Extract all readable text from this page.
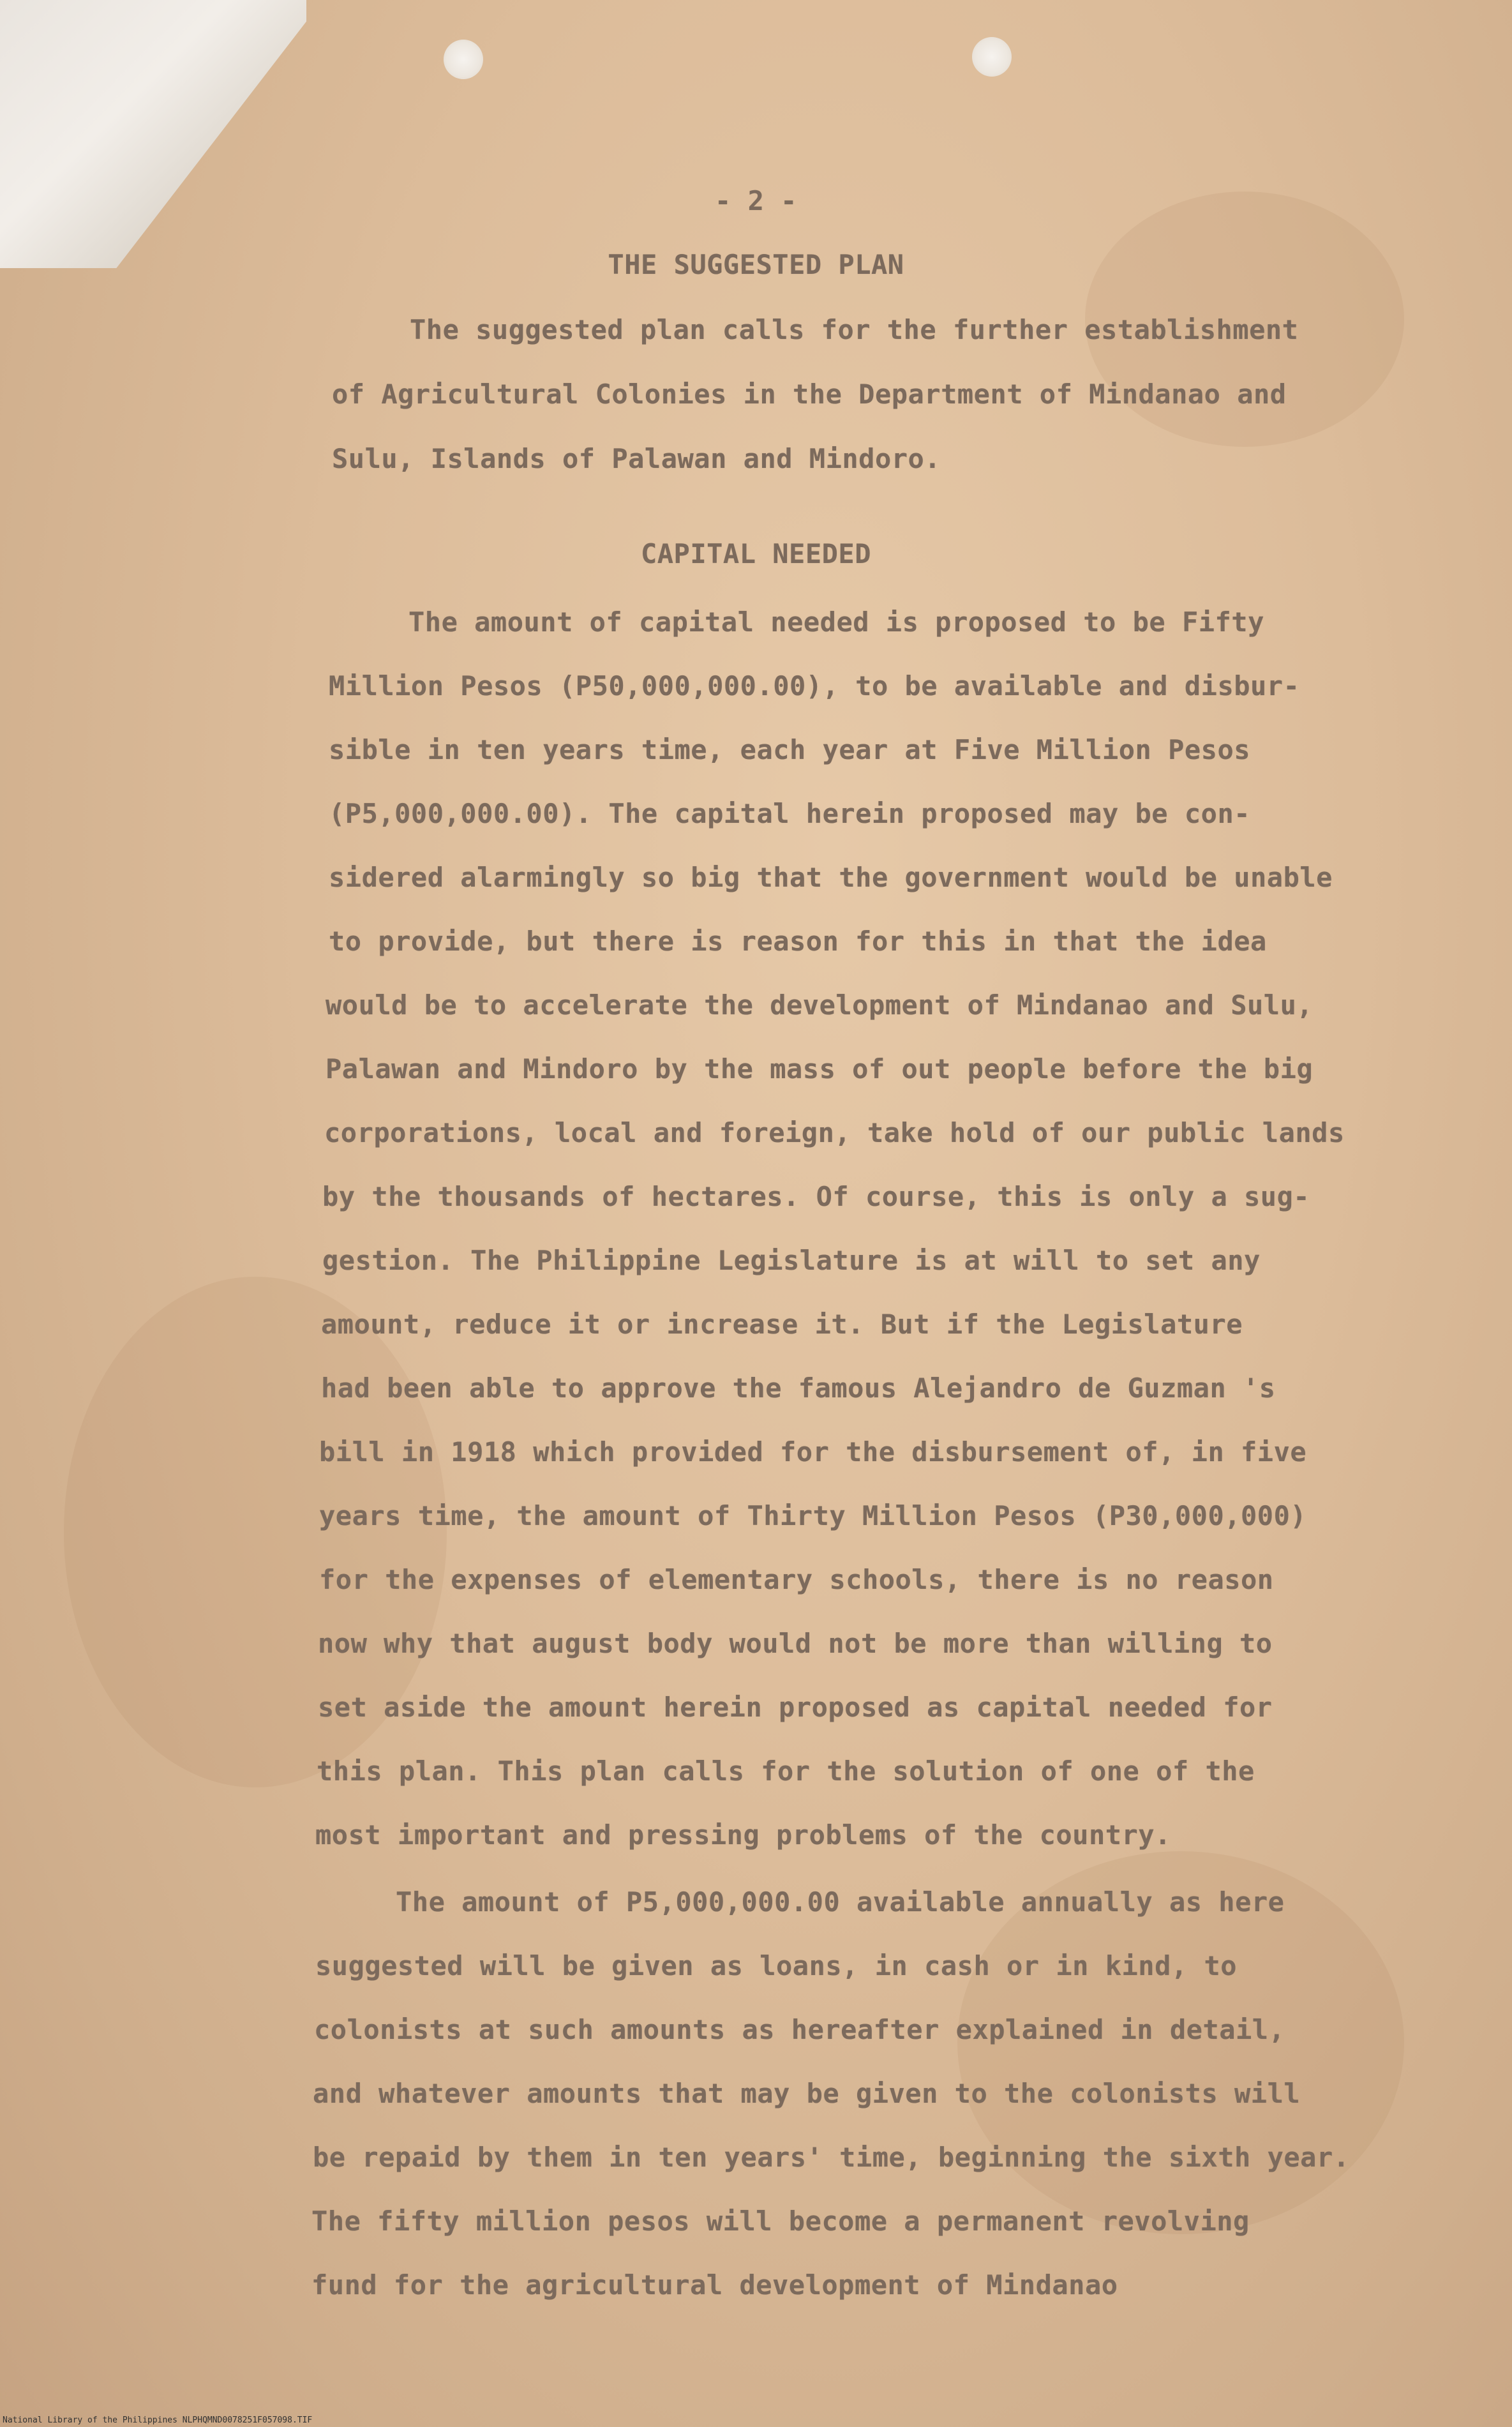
- 2 -
THE SUGGESTED PLAN
The suggested plan calls for the further establishment
of Agricultural Colonies in the Department of Mindanao and
Sulu, Islands of Palawan and Mindoro.
CAPITAL NEEDED
The amount of capital needed is proposed to be Fifty
Million Pesos (P50,000,000.00), to be available and disbur-
sible in ten years time, each year at Five Million Pesos
(P5,000,000.00). The capital herein proposed may be con-
sidered alarmingly so big that the government would be unable
to provide, but there is reason for this in that the idea
would be to accelerate the development of Mindanao and Sulu,
Palawan and Mindoro by the mass of out people before the big
corporations, local and foreign, take hold of our public lands
by the thousands of hectares. Of course, this is only a sug-
gestion. The Philippine Legislature is at will to set any
amount, reduce it or increase it. But if the Legislature
had been able to approve the famous Alejandro de Guzman 's
bill in 1918 which provided for the disbursement of, in five
years time, the amount of Thirty Million Pesos (P30,000,000)
for the expenses of elementary schools, there is no reason
now why that august body would not be more than willing to
set aside the amount herein proposed as capital needed for
this plan. This plan calls for the solution of one of the
most important and pressing problems of the country.
The amount of P5,000,000.00 available annually as here
suggested will be given as loans, in cash or in kind, to
colonists at such amounts as hereafter explained in detail,
and whatever amounts that may be given to the colonists will
be repaid by them in ten years' time, beginning the sixth year.
The fifty million pesos will become a permanent revolving
fund for the agricultural development of Mindanao
National Library of the Philippines NLPHQMND0078251F057098.TIF
